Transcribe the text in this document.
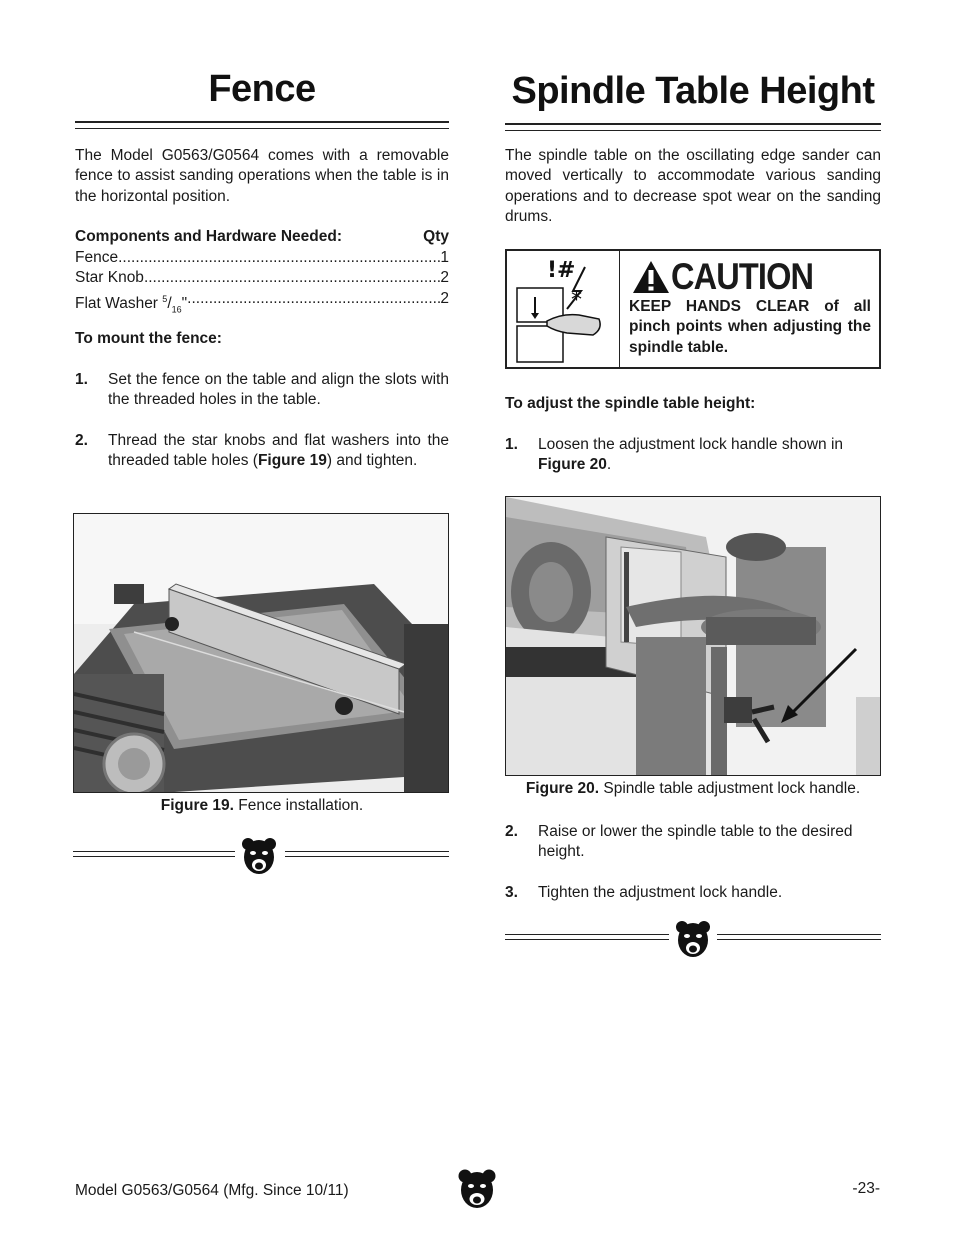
Fence

The Model G0563/G0564 comes with a removable fence to assist sanding operations when the table is in the horizontal position.

Components and Hardware Needed:	Qty
Fence .....	1
Star Knob .....	2
Flat Washer $^5/_{16}$" .....	2

To mount the fence:

1.	Set the fence on the table and align the slots with the threaded holes in the table.
2.	Thread the star knobs and flat washers into the threaded table holes (Figure 19) and tighten.
Figure 19. Fence installation.
Spindle Table Height

The spindle table on the oscillating edge sander can moved vertically to accommodate various sanding operations and to decrease spot wear on the sanding drums.

!#
*
CAUTION
KEEP HANDS CLEAR of all pinch points when adjusting the spindle table.

To adjust the spindle table height:

1.	Loosen the adjustment lock handle shown in Figure 20.
Figure 20. Spindle table adjustment lock handle.
2.	Raise or lower the spindle table to the desired height.
3.	Tighten the adjustment lock handle.
Model G0563/G0564 (Mfg. Since 10/11)	-23-
